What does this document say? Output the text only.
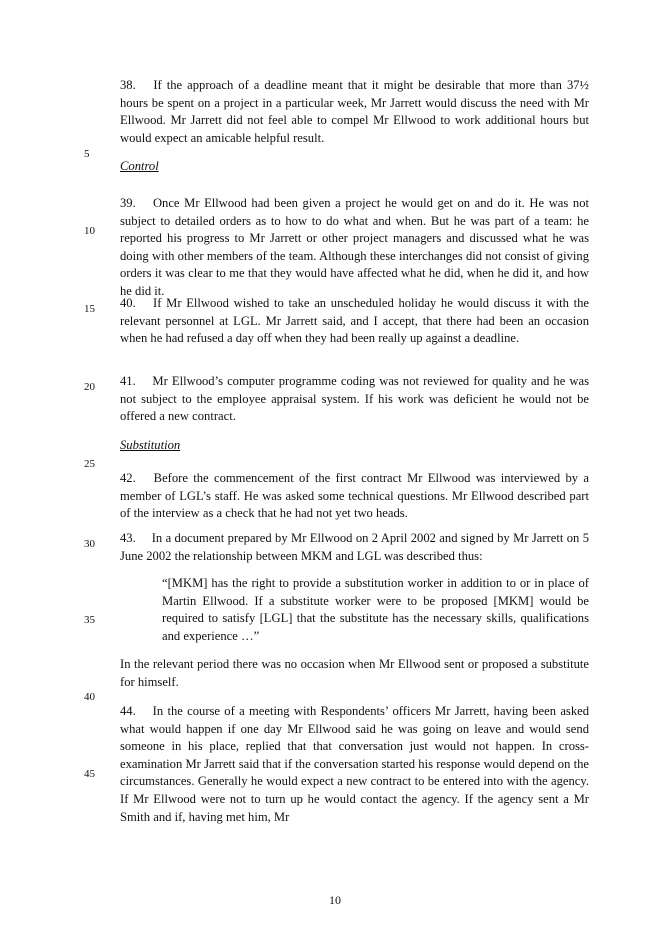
38.  If the approach of a deadline meant that it might be desirable that more than 37½ hours be spent on a project in a particular week, Mr Jarrett would discuss the need with Mr Ellwood. Mr Jarrett did not feel able to compel Mr Ellwood to work additional hours but would expect an amicable helpful result.
5
Control
39.  Once Mr Ellwood had been given a project he would get on and do it. He was not subject to detailed orders as to how to do what and when. But he was part of a team: he reported his progress to Mr Jarrett or other project managers and discussed what he was doing with other members of the team. Although these interchanges did not consist of giving orders it was clear to me that they would have affected what he did, when he did it, and how he did it.
10
15	40.  If Mr Ellwood wished to take an unscheduled holiday he would discuss it with the relevant personnel at LGL. Mr Jarrett said, and I accept, that there had been an occasion when he had refused a day off when they had been really up against a deadline.
20	41.  Mr Ellwood’s computer programme coding was not reviewed for quality and he was not subject to the employee appraisal system. If his work was deficient he would not be offered a new contract.
Substitution
25
42.  Before the commencement of the first contract Mr Ellwood was interviewed by a member of LGL’s staff. He was asked some technical questions. Mr Ellwood described part of the interview as a check that he had not yet two heads.
30	43.  In a document prepared by Mr Ellwood on 2 April 2002 and signed by Mr Jarrett on 5 June 2002 the relationship between MKM and LGL was described thus:
“[MKM] has the right to provide a substitution worker in addition to or in place of Martin Ellwood. If a substitute worker were to be proposed [MKM] would be required to satisfy [LGL] that the substitute has the necessary skills, qualifications and experience …”
35
In the relevant period there was no occasion when Mr Ellwood sent or proposed a substitute for himself.
40
44.  In the course of a meeting with Respondents’ officers Mr Jarrett, having been asked what would happen if one day Mr Ellwood said he was going on leave and would send someone in his place, replied that that conversation just would not happen. In cross-examination Mr Jarrett said that if the conversation started his response would depend on the circumstances. Generally he would expect a new contract to be entered into with the agency. If Mr Ellwood were not to turn up he would contact the agency. If the agency sent a Mr Smith and if, having met him, Mr
45
10
